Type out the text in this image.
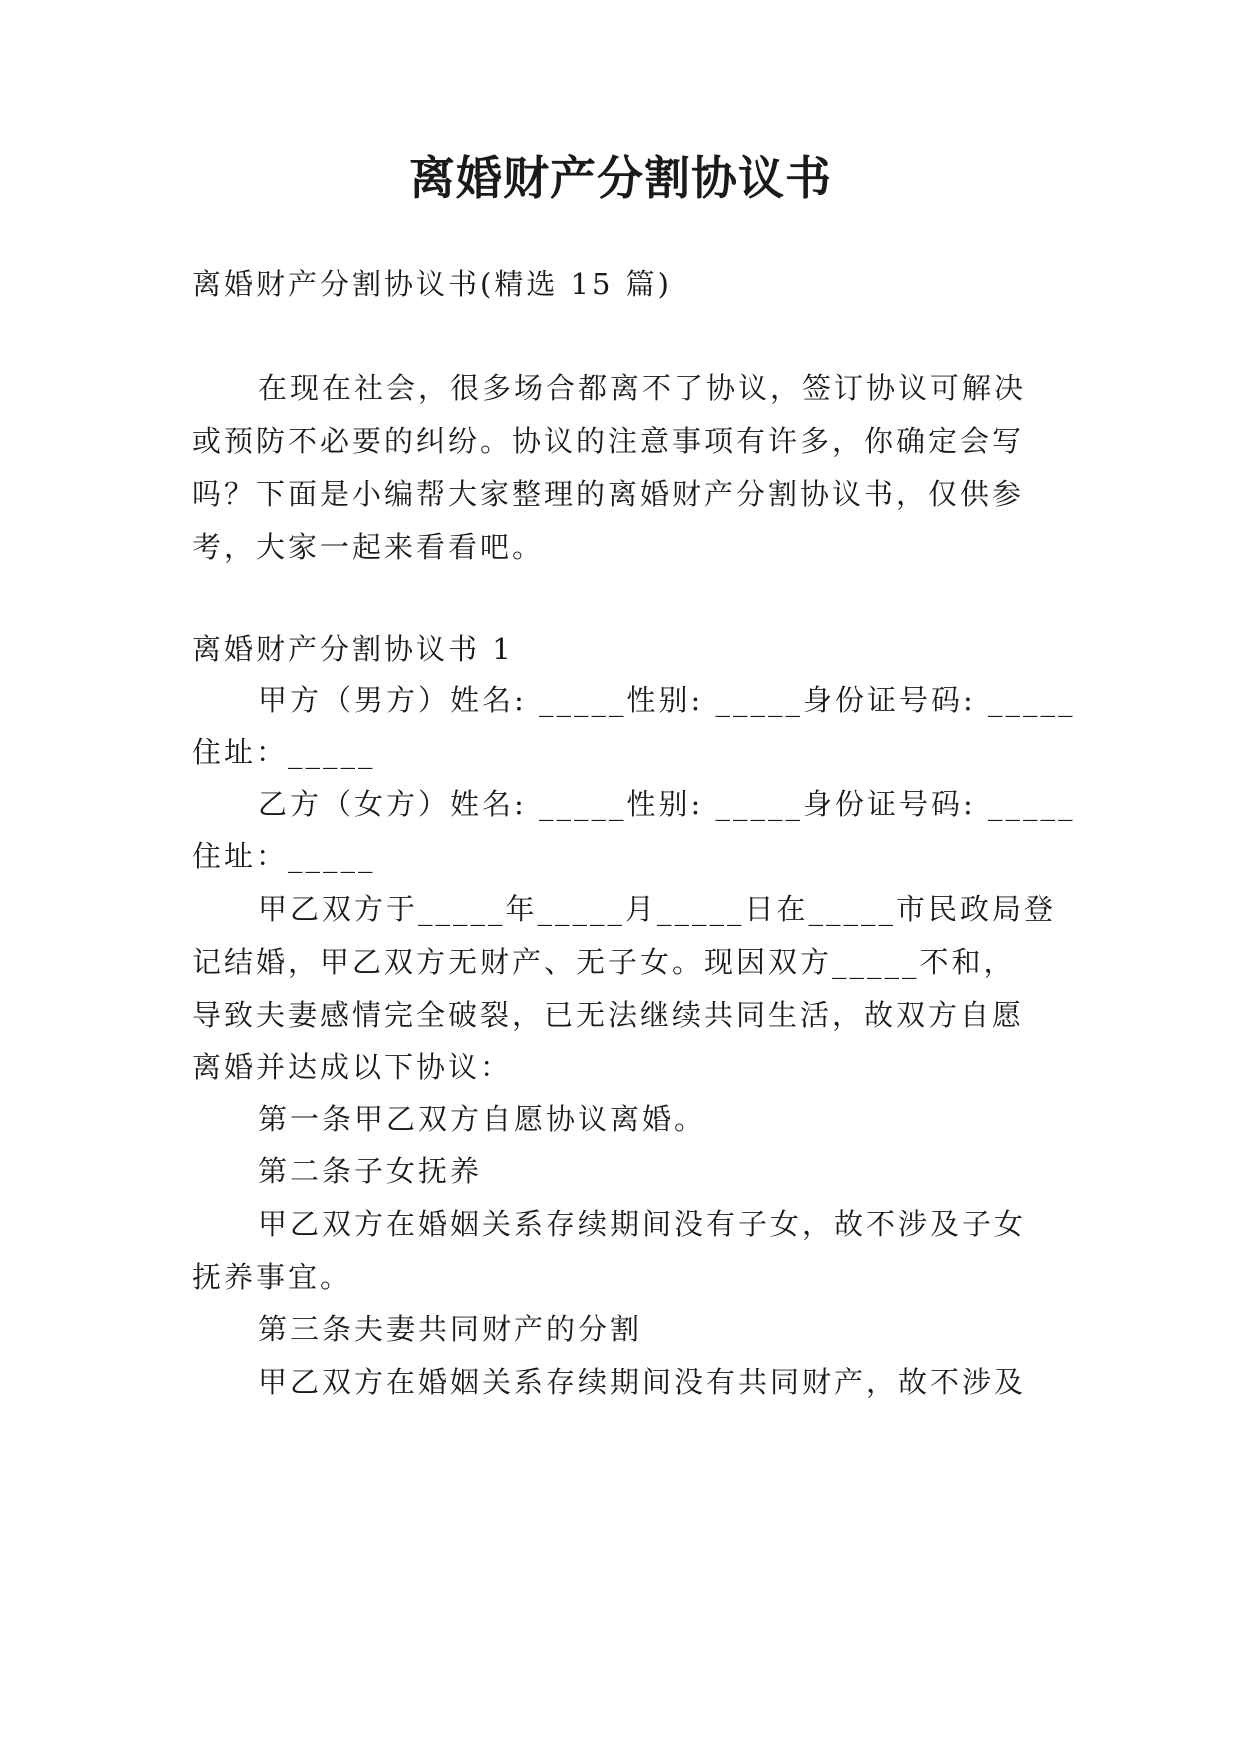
离婚财产分割协议书
离婚财产分割协议书(精选 15 篇)
在现在社会，很多场合都离不了协议，签订协议可解决
或预防不必要的纠纷。协议的注意事项有许多，你确定会写
吗？下面是小编帮大家整理的离婚财产分割协议书，仅供参
考，大家一起来看看吧。
离婚财产分割协议书 1
甲方（男方）姓名: _____性别: _____身份证号码: _____
住址：_____
乙方（女方）姓名: _____性别: _____身份证号码: _____
住址：_____
甲乙双方于_____年_____月_____日在_____市民政局登
记结婚，甲乙双方无财产、无子女。现因双方_____不和，
导致夫妻感情完全破裂，已无法继续共同生活，故双方自愿
离婚并达成以下协议：
第一条甲乙双方自愿协议离婚。
第二条子女抚养
甲乙双方在婚姻关系存续期间没有子女，故不涉及子女
抚养事宜。
第三条夫妻共同财产的分割
甲乙双方在婚姻关系存续期间没有共同财产，故不涉及
